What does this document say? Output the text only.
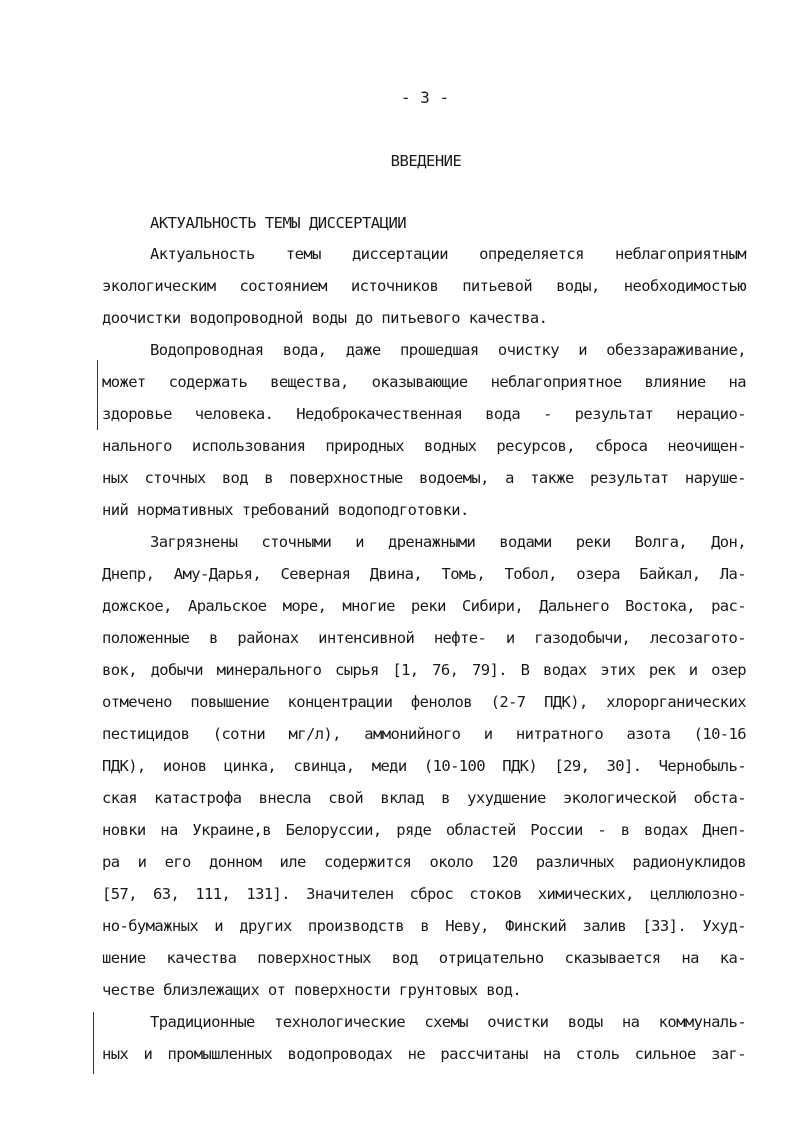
- 3 -
ВВЕДЕНИЕ
АКТУАЛЬНОСТЬ ТЕМЫ ДИССЕРТАЦИИ
Актуальность темы диссертации определяется неблагоприятным
экологическим состоянием источников питьевой воды, необходимостью
доочистки водопроводной воды до питьевого качества.
Водопроводная вода, даже прошедшая очистку и обеззараживание,
может содержать вещества, оказывающие неблагоприятное влияние на
здоровье человека. Недоброкачественная вода - результат нерацио-
нального использования природных водных ресурсов, сброса неочищен-
ных сточных вод в поверхностные водоемы, а также результат наруше-
ний нормативных требований водоподготовки.
Загрязнены сточными и дренажными водами реки Волга, Дон,
Днепр, Аму-Дарья, Северная Двина, Томь, Тобол, озера Байкал, Ла-
дожское, Аральское море, многие реки Сибири, Дальнего Востока, рас-
положенные в районах интенсивной нефте- и газодобычи, лесозаготo-
вок, добычи минерального сырья [1, 76, 79]. В водах этих рек и озер
отмечено повышение концентрации фенолов (2-7 ПДК), хлорорганических
пестицидов (сотни мг/л), аммонийного и нитратного азота (10-16
ПДК), ионов цинка, свинца, меди (10-100 ПДК) [29, 30]. Чернобыль-
ская катастрофа внесла свой вклад в ухудшение экологической обста-
новки на Украине,в Белоруссии, ряде областей России - в водах Днеп-
ра и его донном иле содержится около 120 различных радионуклидов
[57, 63, 111, 131]. Значителен сброс стоков химических, целлюлозно-
но-бумажных и других производств в Неву, Финский залив [33]. Ухуд-
шение качества поверхностных вод отрицательно сказывается на ка-
честве близлежащих от поверхности грунтовых вод.
Традиционные технологические схемы очистки воды на коммуналь-
ных и промышленных водопроводах не рассчитаны на столь сильное заг-
